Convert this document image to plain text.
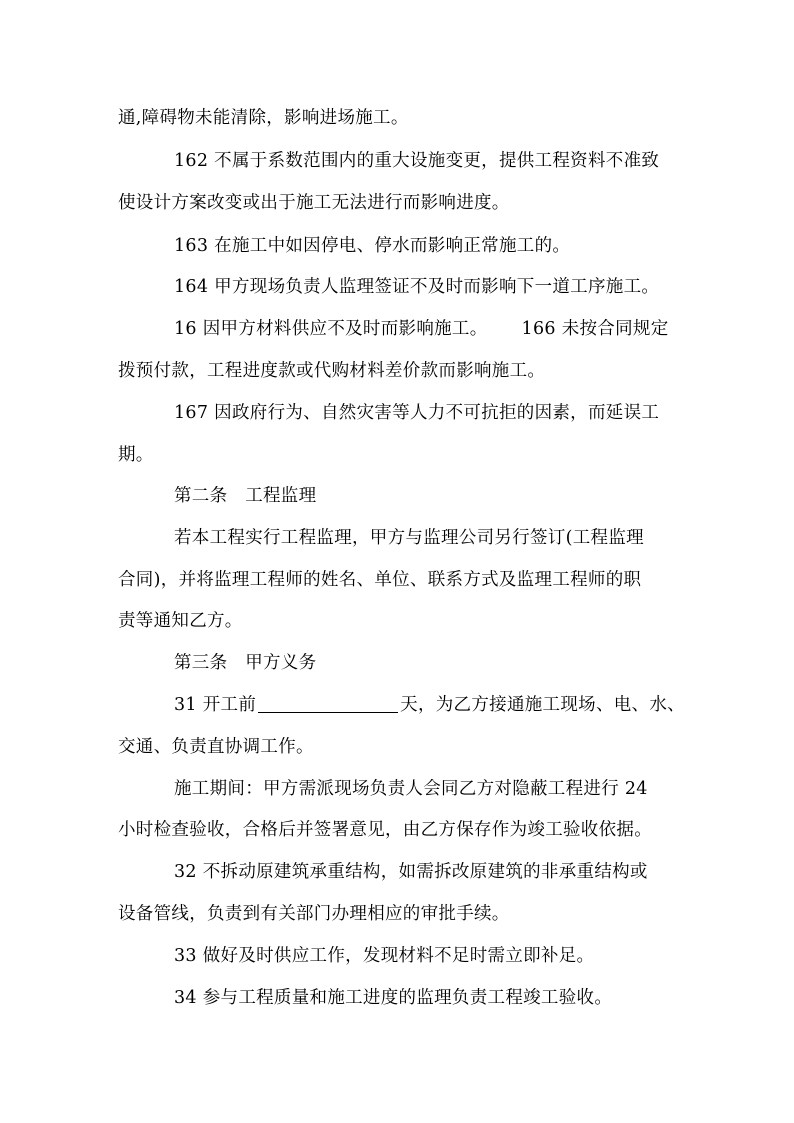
通,障碍物未能清除，影响进场施工。
162 不属于系数范围内的重大设施变更，提供工程资料不准致
使设计方案改变或出于施工无法进行而影响进度。
163 在施工中如因停电、停水而影响正常施工的。
164 甲方现场负责人监理签证不及时而影响下一道工序施工。
16 因甲方材料供应不及时而影响施工。 166 未按合同规定
拨预付款，工程进度款或代购材料差价款而影响施工。
167 因政府行为、自然灾害等人力不可抗拒的因素，而延误工
期。
第二条　工程监理
若本工程实行工程监理，甲方与监理公司另行签订(工程监理
合同)，并将监理工程师的姓名、单位、联系方式及监理工程师的职
责等通知乙方。
第三条　甲方义务
31 开工前	天，为乙方接通施工现场、电、水、
交通、负责直协调工作。
施工期间：甲方需派现场负责人会同乙方对隐蔽工程进行 24
小时检查验收，合格后并签署意见，由乙方保存作为竣工验收依据。
32 不拆动原建筑承重结构，如需拆改原建筑的非承重结构或
设备管线，负责到有关部门办理相应的审批手续。
33 做好及时供应工作，发现材料不足时需立即补足。
34 参与工程质量和施工进度的监理负责工程竣工验收。
